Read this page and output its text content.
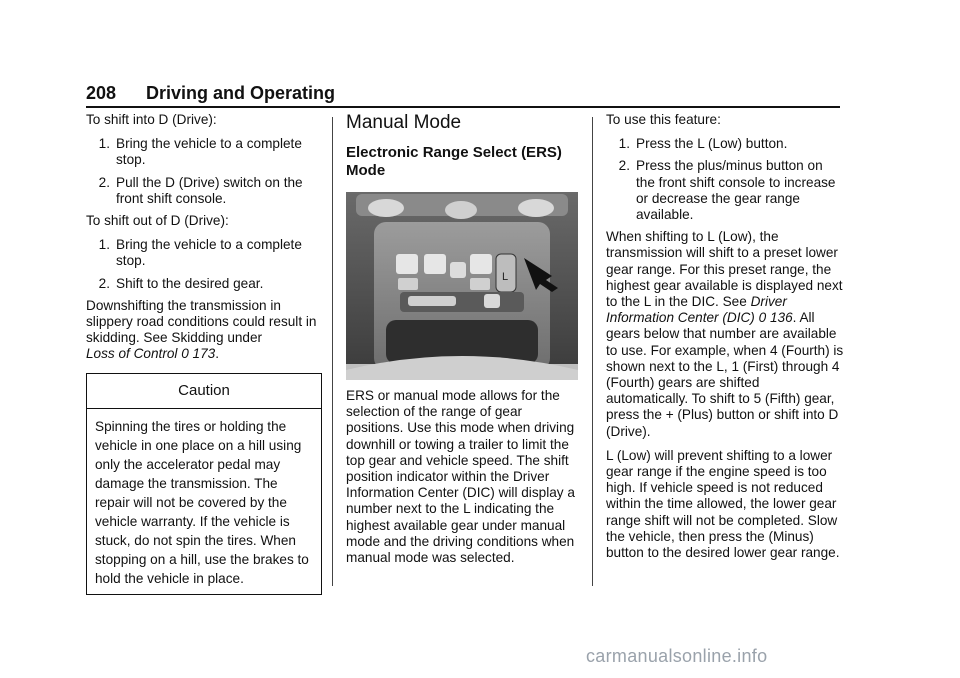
208 Driving and Operating

To shift into D (Drive):

1. Bring the vehicle to a complete stop.
2. Pull the D (Drive) switch on the front shift console.

To shift out of D (Drive):

1. Bring the vehicle to a complete stop.
2. Shift to the desired gear.

Downshifting the transmission in slippery road conditions could result in skidding. See Skidding under
Loss of Control 0 173.

Caution
Spinning the tires or holding the vehicle in one place on a hill using only the accelerator pedal may damage the transmission. The repair will not be covered by the vehicle warranty. If the vehicle is stuck, do not spin the tires. When stopping on a hill, use the brakes to hold the vehicle in place.
Manual Mode
Electronic Range Select (ERS) Mode
L

ERS or manual mode allows for the selection of the range of gear positions. Use this mode when driving downhill or towing a trailer to limit the top gear and vehicle speed. The shift position indicator within the Driver Information Center (DIC) will display a number next to the L indicating the highest available gear under manual mode and the driving conditions when manual mode was selected.

To use this feature:

1. Press the L (Low) button.
2. Press the plus/minus button on the front shift console to increase or decrease the gear range available.

When shifting to L (Low), the transmission will shift to a preset lower gear range. For this preset range, the highest gear available is displayed next to the L in the DIC. See Driver Information Center (DIC) 0 136. All gears below that number are available to use. For example, when 4 (Fourth) is shown next to the L, 1 (First) through 4 (Fourth) gears are shifted automatically. To shift to 5 (Fifth) gear, press the + (Plus) button or shift into D (Drive).

L (Low) will prevent shifting to a lower gear range if the engine speed is too high. If vehicle speed is not reduced within the time allowed, the lower gear range shift will not be completed. Slow the vehicle, then press the (Minus) button to the desired lower gear range.

carmanualsonline.info
